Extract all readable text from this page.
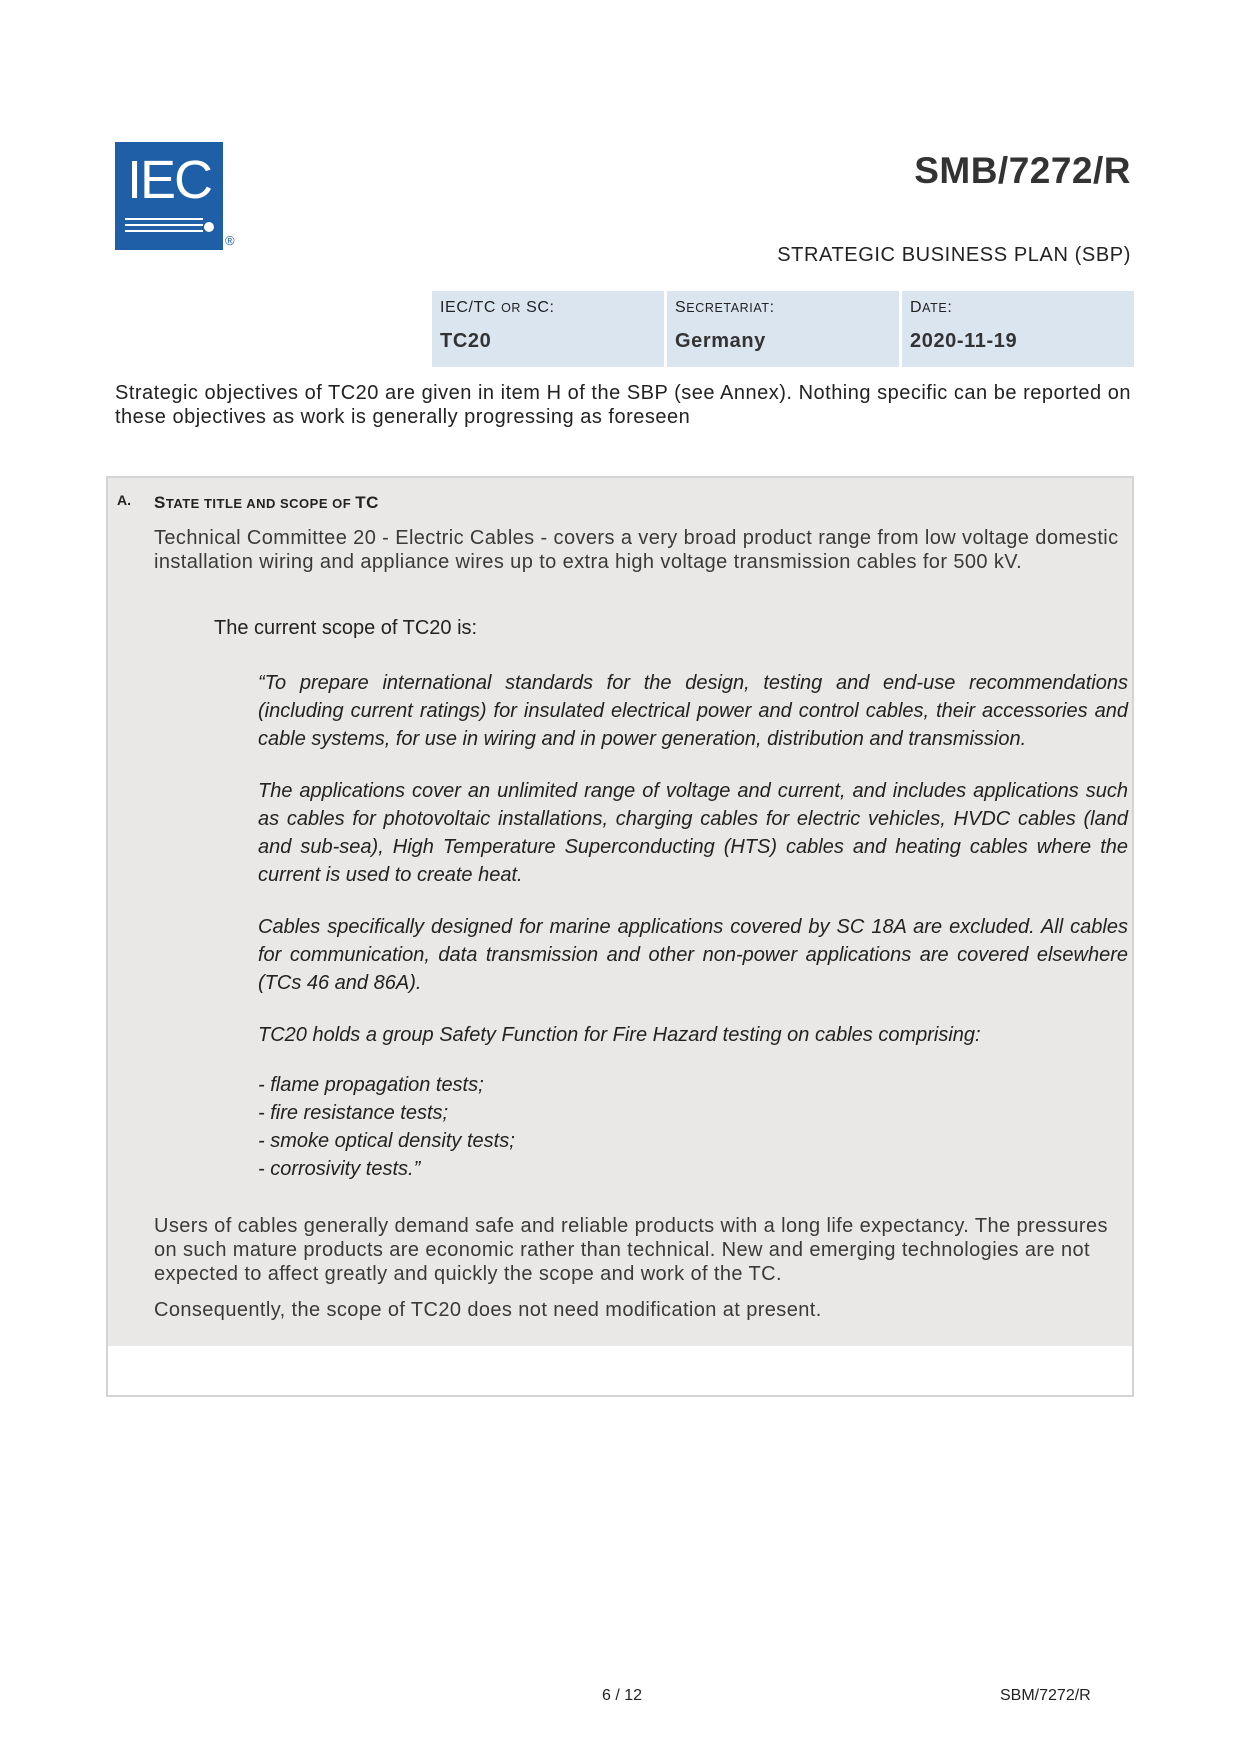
IEC
®
SMB/7272/R
STRATEGIC BUSINESS PLAN (SBP)
IEC/TC OR SC:
TC20
SECRETARIAT:
Germany
DATE:
2020-11-19
Strategic objectives of TC20 are given in item H of the SBP (see Annex). Nothing specific can be reported on these objectives as work is generally progressing as foreseen
A. STATE TITLE AND SCOPE OF TC
Technical Committee 20 - Electric Cables - covers a very broad product range from low voltage domestic installation wiring and appliance wires up to extra high voltage transmission cables for 500 kV.
The current scope of TC20 is:
“To prepare international standards for the design, testing and end-use recommendations (including current ratings) for insulated electrical power and control cables, their accessories and cable systems, for use in wiring and in power generation, distribution and transmission.
The applications cover an unlimited range of voltage and current, and includes applications such as cables for photovoltaic installations, charging cables for electric vehicles, HVDC cables (land and sub-sea), High Temperature Superconducting (HTS) cables and heating cables where the current is used to create heat.
Cables specifically designed for marine applications covered by SC 18A are excluded. All cables for communication, data transmission and other non-power applications are covered elsewhere (TCs 46 and 86A).
TC20 holds a group Safety Function for Fire Hazard testing on cables comprising:
- flame propagation tests;
- fire resistance tests;
- smoke optical density tests;
- corrosivity tests.”
Users of cables generally demand safe and reliable products with a long life expectancy. The pressures on such mature products are economic rather than technical. New and emerging technologies are not expected to affect greatly and quickly the scope and work of the TC.
Consequently, the scope of TC20 does not need modification at present.
6 / 12	SBM/7272/R
